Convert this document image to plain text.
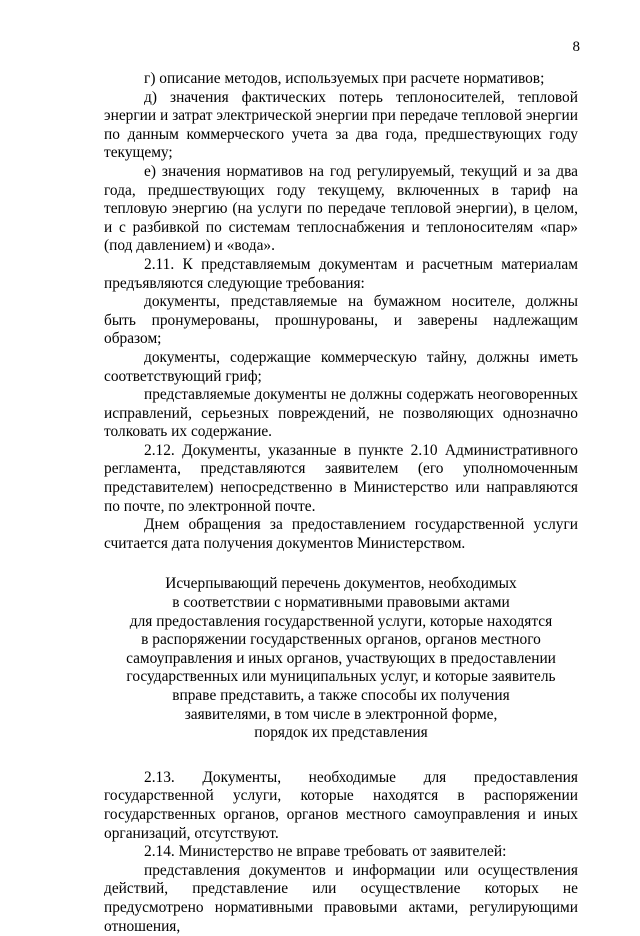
8

г) описание методов, используемых при расчете нормативов;

д) значения фактических потерь теплоносителей, тепловой энергии и затрат электрической энергии при передаче тепловой энергии по данным коммерческого учета за два года, предшествующих году текущему;

е) значения нормативов на год регулируемый, текущий и за два года, предшествующих году текущему, включенных в тариф на тепловую энергию (на услуги по передаче тепловой энергии), в целом, и с разбивкой по системам теплоснабжения и теплоносителям «пар» (под давлением) и «вода».

2.11. К представляемым документам и расчетным материалам предъявляются следующие требования:

документы, представляемые на бумажном носителе, должны быть пронумерованы, прошнурованы, и заверены надлежащим образом;

документы, содержащие коммерческую тайну, должны иметь соответствующий гриф;

представляемые документы не должны содержать неоговоренных исправлений, серьезных повреждений, не позволяющих однозначно толковать их содержание.

2.12. Документы, указанные в пункте 2.10 Административного регламента, представляются заявителем (его уполномоченным представителем) непосредственно в Министерство или направляются по почте, по электронной почте.

Днем обращения за предоставлением государственной услуги считается дата получения документов Министерством.

Исчерпывающий перечень документов, необходимых
в соответствии с нормативными правовыми актами
для предоставления государственной услуги, которые находятся
в распоряжении государственных органов, органов местного
самоуправления и иных органов, участвующих в предоставлении
государственных или муниципальных услуг, и которые заявитель
вправе представить, а также способы их получения
заявителями, в том числе в электронной форме,
порядок их представления

2.13. Документы, необходимые для предоставления государственной услуги, которые находятся в распоряжении государственных органов, органов местного самоуправления и иных организаций, отсутствуют.

2.14. Министерство не вправе требовать от заявителей:

представления документов и информации или осуществления действий, представление или осуществление которых не предусмотрено нормативными правовыми актами, регулирующими отношения,
